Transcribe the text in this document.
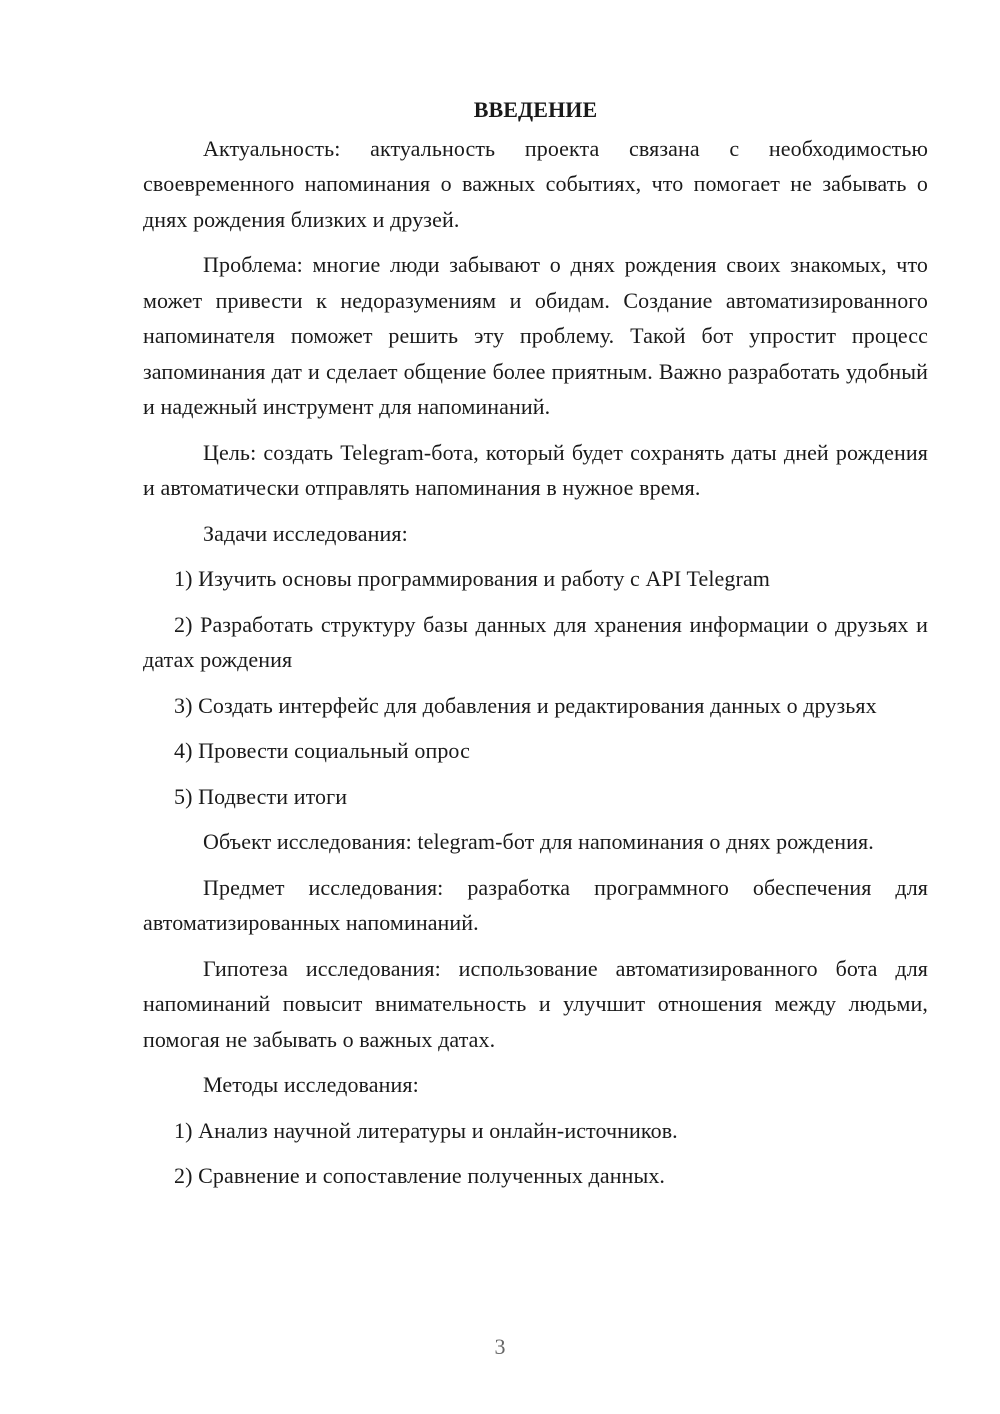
ВВЕДЕНИЕ

Актуальность: актуальность проекта связана с необходимостью своевременного напоминания о важных событиях, что помогает не забывать о днях рождения близких и друзей.

Проблема: многие люди забывают о днях рождения своих знакомых, что может привести к недоразумениям и обидам. Создание автоматизированного напоминателя поможет решить эту проблему. Такой бот упростит процесс запоминания дат и сделает общение более приятным. Важно разработать удобный и надежный инструмент для напоминаний.

Цель: создать Telegram-бота, который будет сохранять даты дней рождения и автоматически отправлять напоминания в нужное время.

Задачи исследования:

1) Изучить основы программирования и работу с API Telegram

2) Разработать структуру базы данных для хранения информации о друзьях и датах рождения

3) Создать интерфейс для добавления и редактирования данных о друзьях

4) Провести социальный опрос

5) Подвести итоги

Объект исследования: telegram-бот для напоминания о днях рождения.

Предмет исследования: разработка программного обеспечения для автоматизированных напоминаний.

Гипотеза исследования: использование автоматизированного бота для напоминаний повысит внимательность и улучшит отношения между людьми, помогая не забывать о важных датах.

Методы исследования:

1) Анализ научной литературы и онлайн-источников.

2) Сравнение и сопоставление полученных данных.

3
